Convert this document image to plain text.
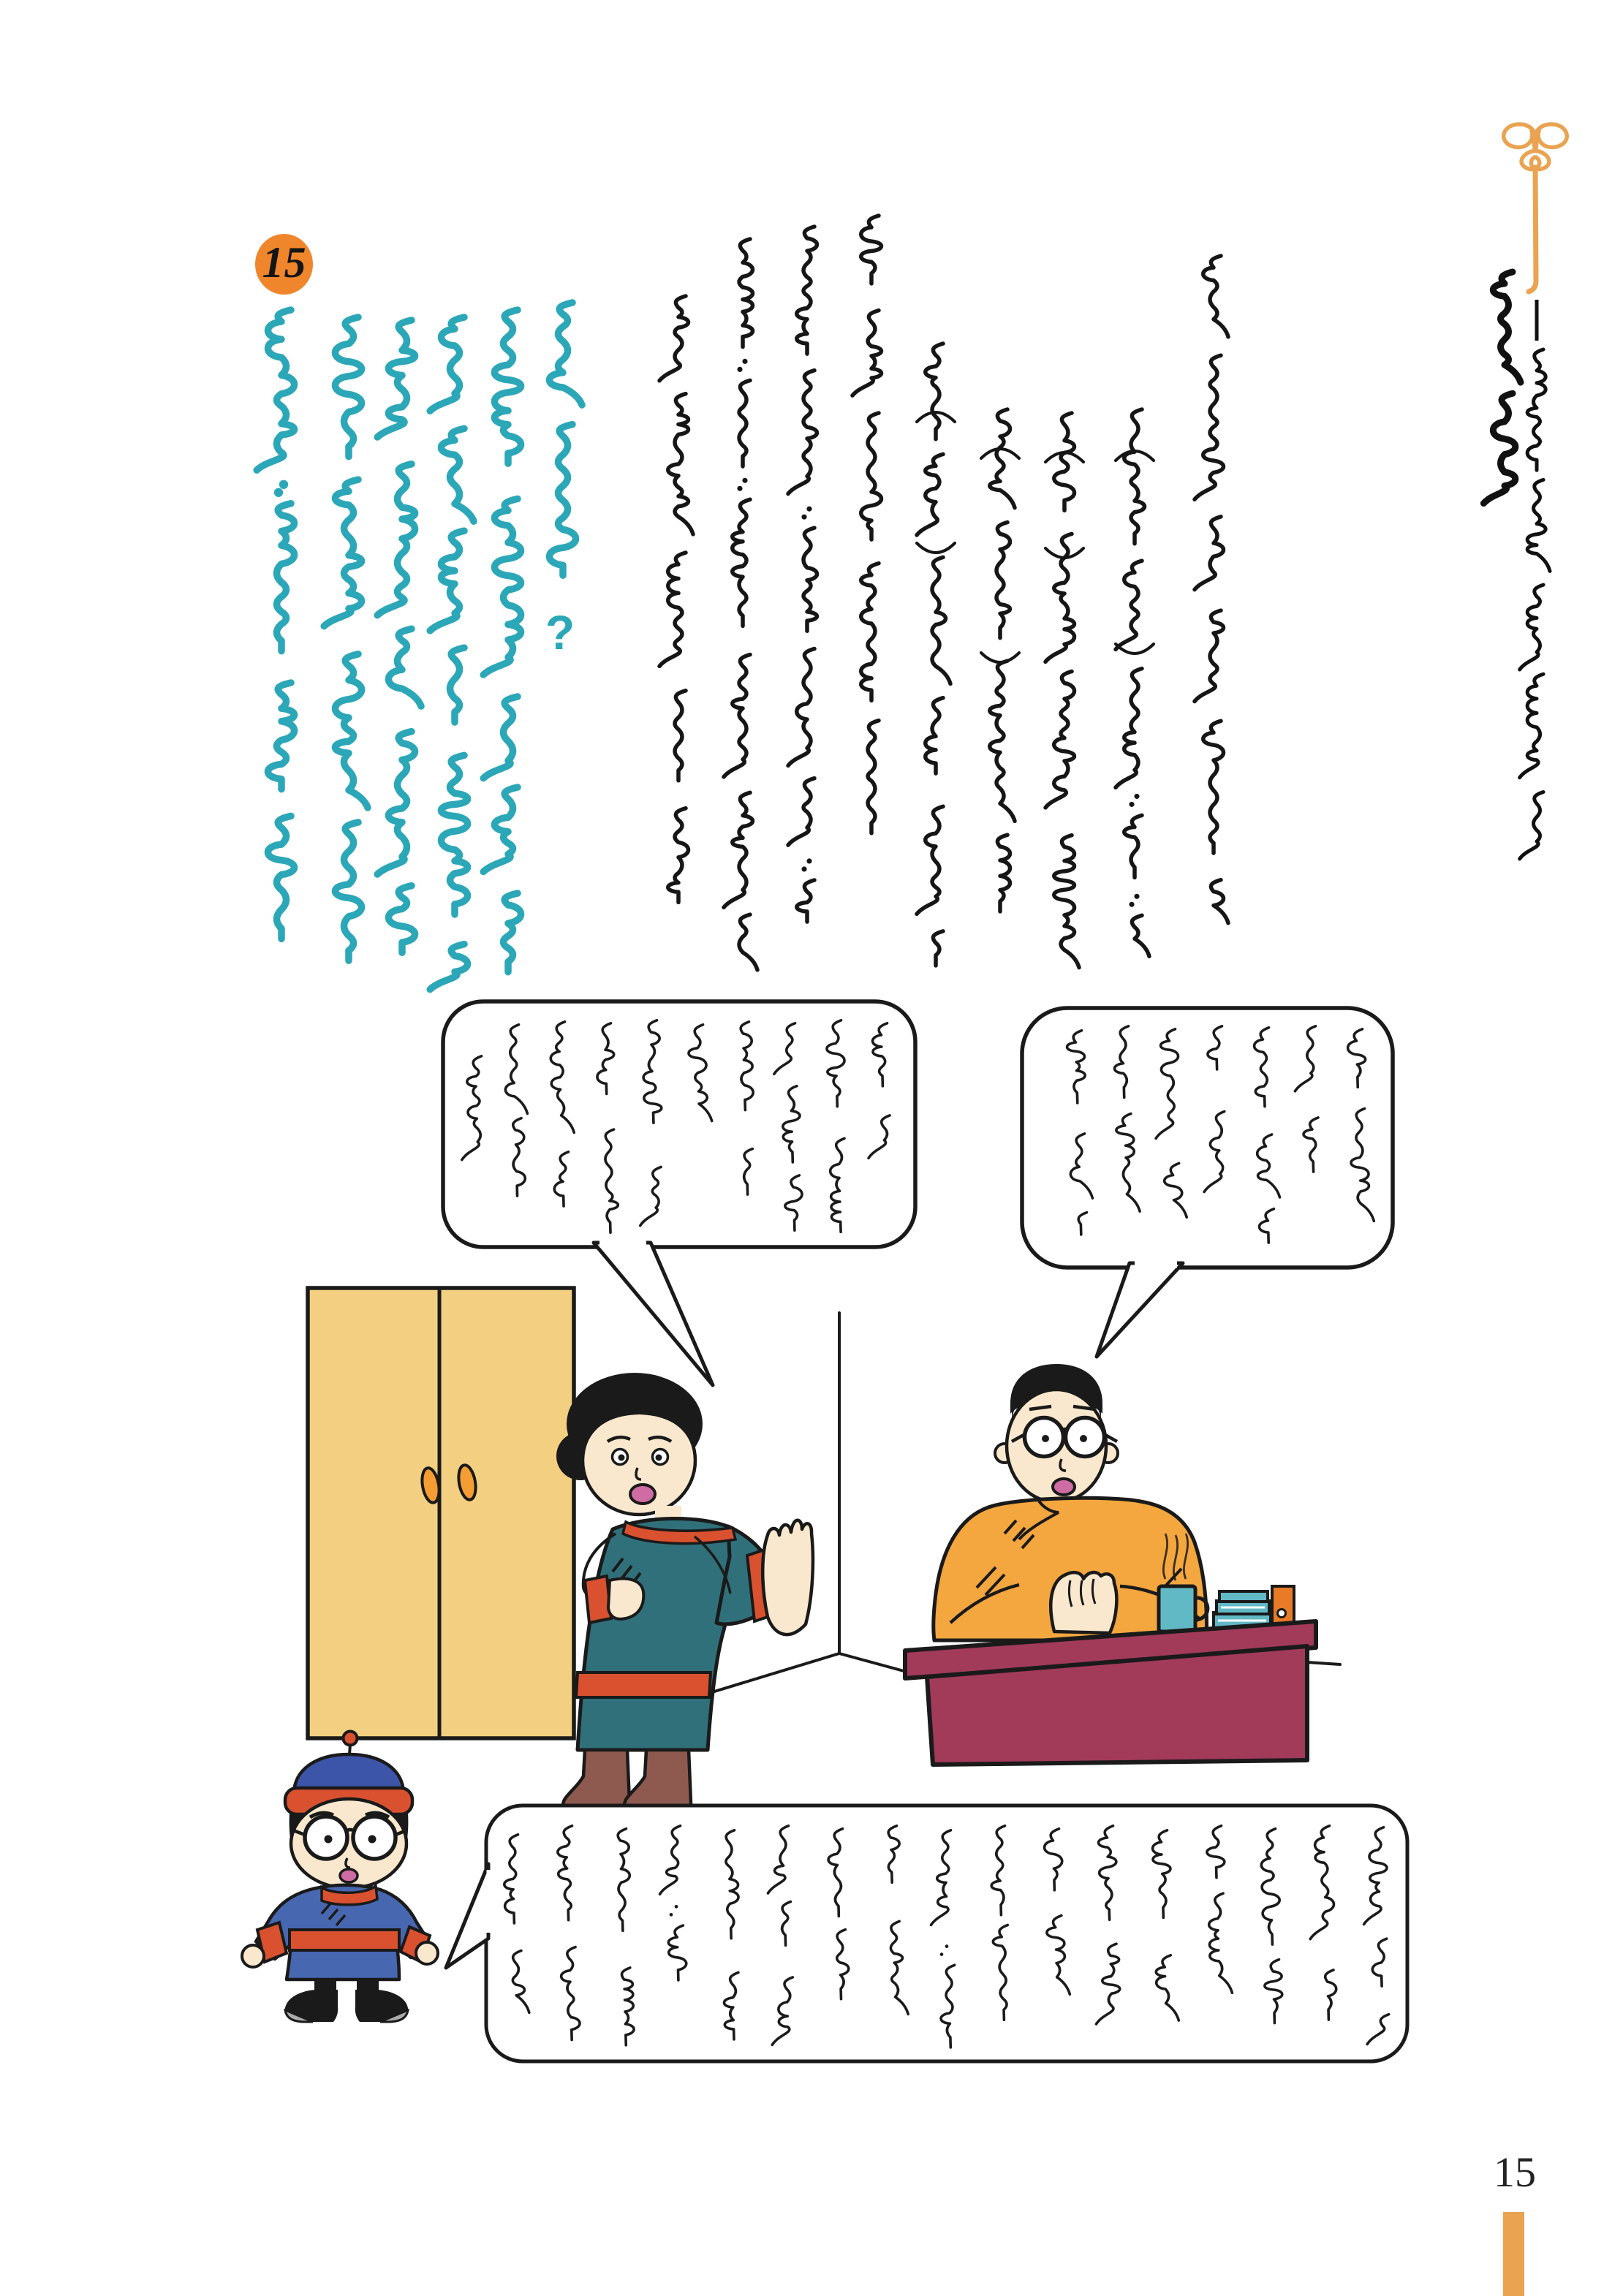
?
15
15
